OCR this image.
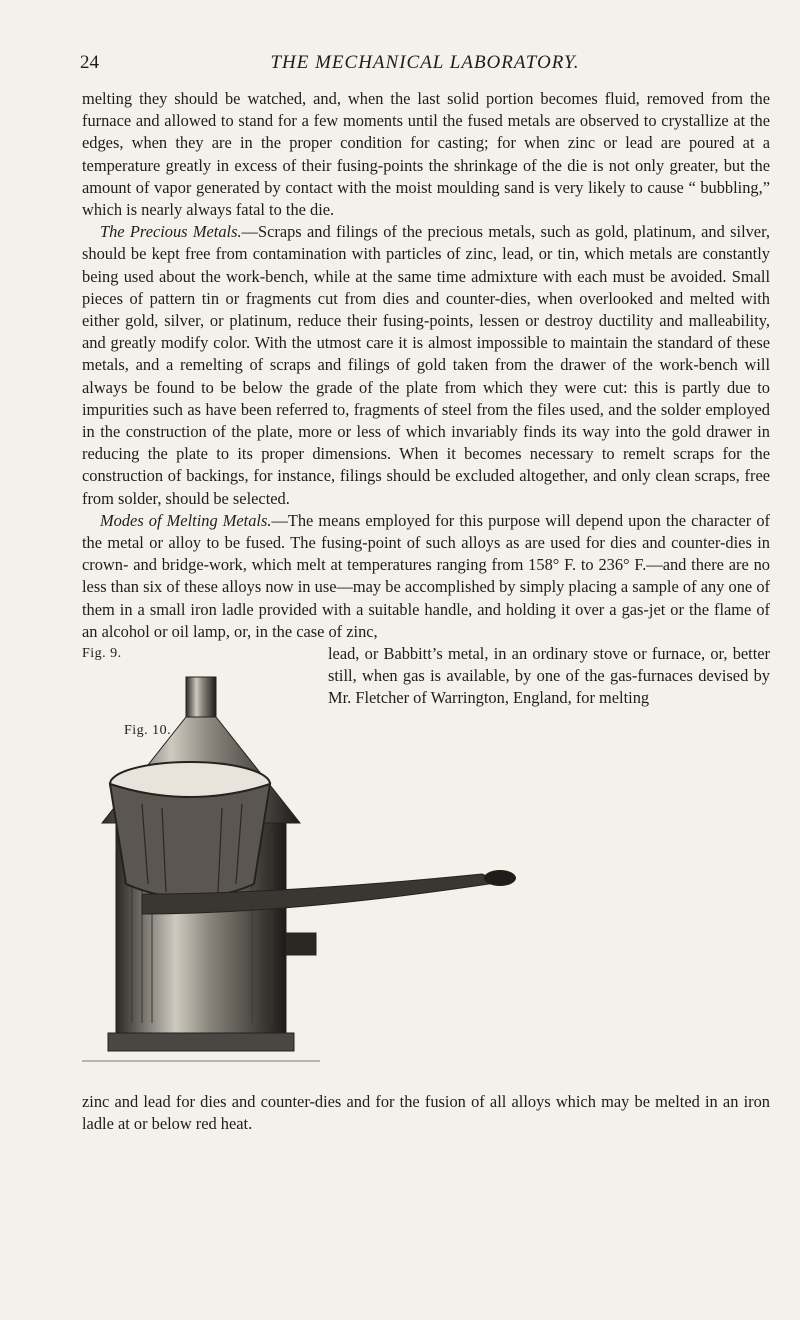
24	THE MECHANICAL LABORATORY.

melting they should be watched, and, when the last solid portion becomes fluid, removed from the furnace and allowed to stand for a few moments until the fused metals are observed to crystallize at the edges, when they are in the proper condition for casting; for when zinc or lead are poured at a temperature greatly in excess of their fusing-points the shrinkage of the die is not only greater, but the amount of vapor generated by contact with the moist moulding sand is very likely to cause “ bubbling,” which is nearly always fatal to the die.

The Precious Metals.—Scraps and filings of the precious metals, such as gold, platinum, and silver, should be kept free from contamination with particles of zinc, lead, or tin, which metals are constantly being used about the work-bench, while at the same time admixture with each must be avoided. Small pieces of pattern tin or fragments cut from dies and counter-dies, when overlooked and melted with either gold, silver, or platinum, reduce their fusing-points, lessen or destroy ductility and malleability, and greatly modify color. With the utmost care it is almost impossible to maintain the standard of these metals, and a remelting of scraps and filings of gold taken from the drawer of the work-bench will always be found to be below the grade of the plate from which they were cut: this is partly due to impurities such as have been referred to, fragments of steel from the files used, and the solder employed in the construction of the plate, more or less of which invariably finds its way into the gold drawer in reducing the plate to its proper dimensions. When it becomes necessary to remelt scraps for the construction of backings, for instance, filings should be excluded altogether, and only clean scraps, free from solder, should be selected.

Modes of Melting Metals.—The means employed for this purpose will depend upon the character of the metal or alloy to be fused. The fusing-point of such alloys as are used for dies and counter-dies in crown- and bridge-work, which melt at temperatures ranging from 158° F. to 236° F.—and there are no less than six of these alloys now in use—may be accomplished by simply placing a sample of any one of them in a small iron ladle provided with a suitable handle, and holding it over a gas-jet or the flame of an alcohol or oil lamp, or, in the case of zinc,

Fig. 9.	lead, or Babbitt’s metal, in an ordinary stove or furnace, or, better still, when gas is available, by one of the gas-furnaces devised by Mr. Fletcher of Warrington, England, for melting

Fig. 10.

zinc and lead for dies and counter-dies and for the fusion of all alloys which may be melted in an iron ladle at or below red heat.
